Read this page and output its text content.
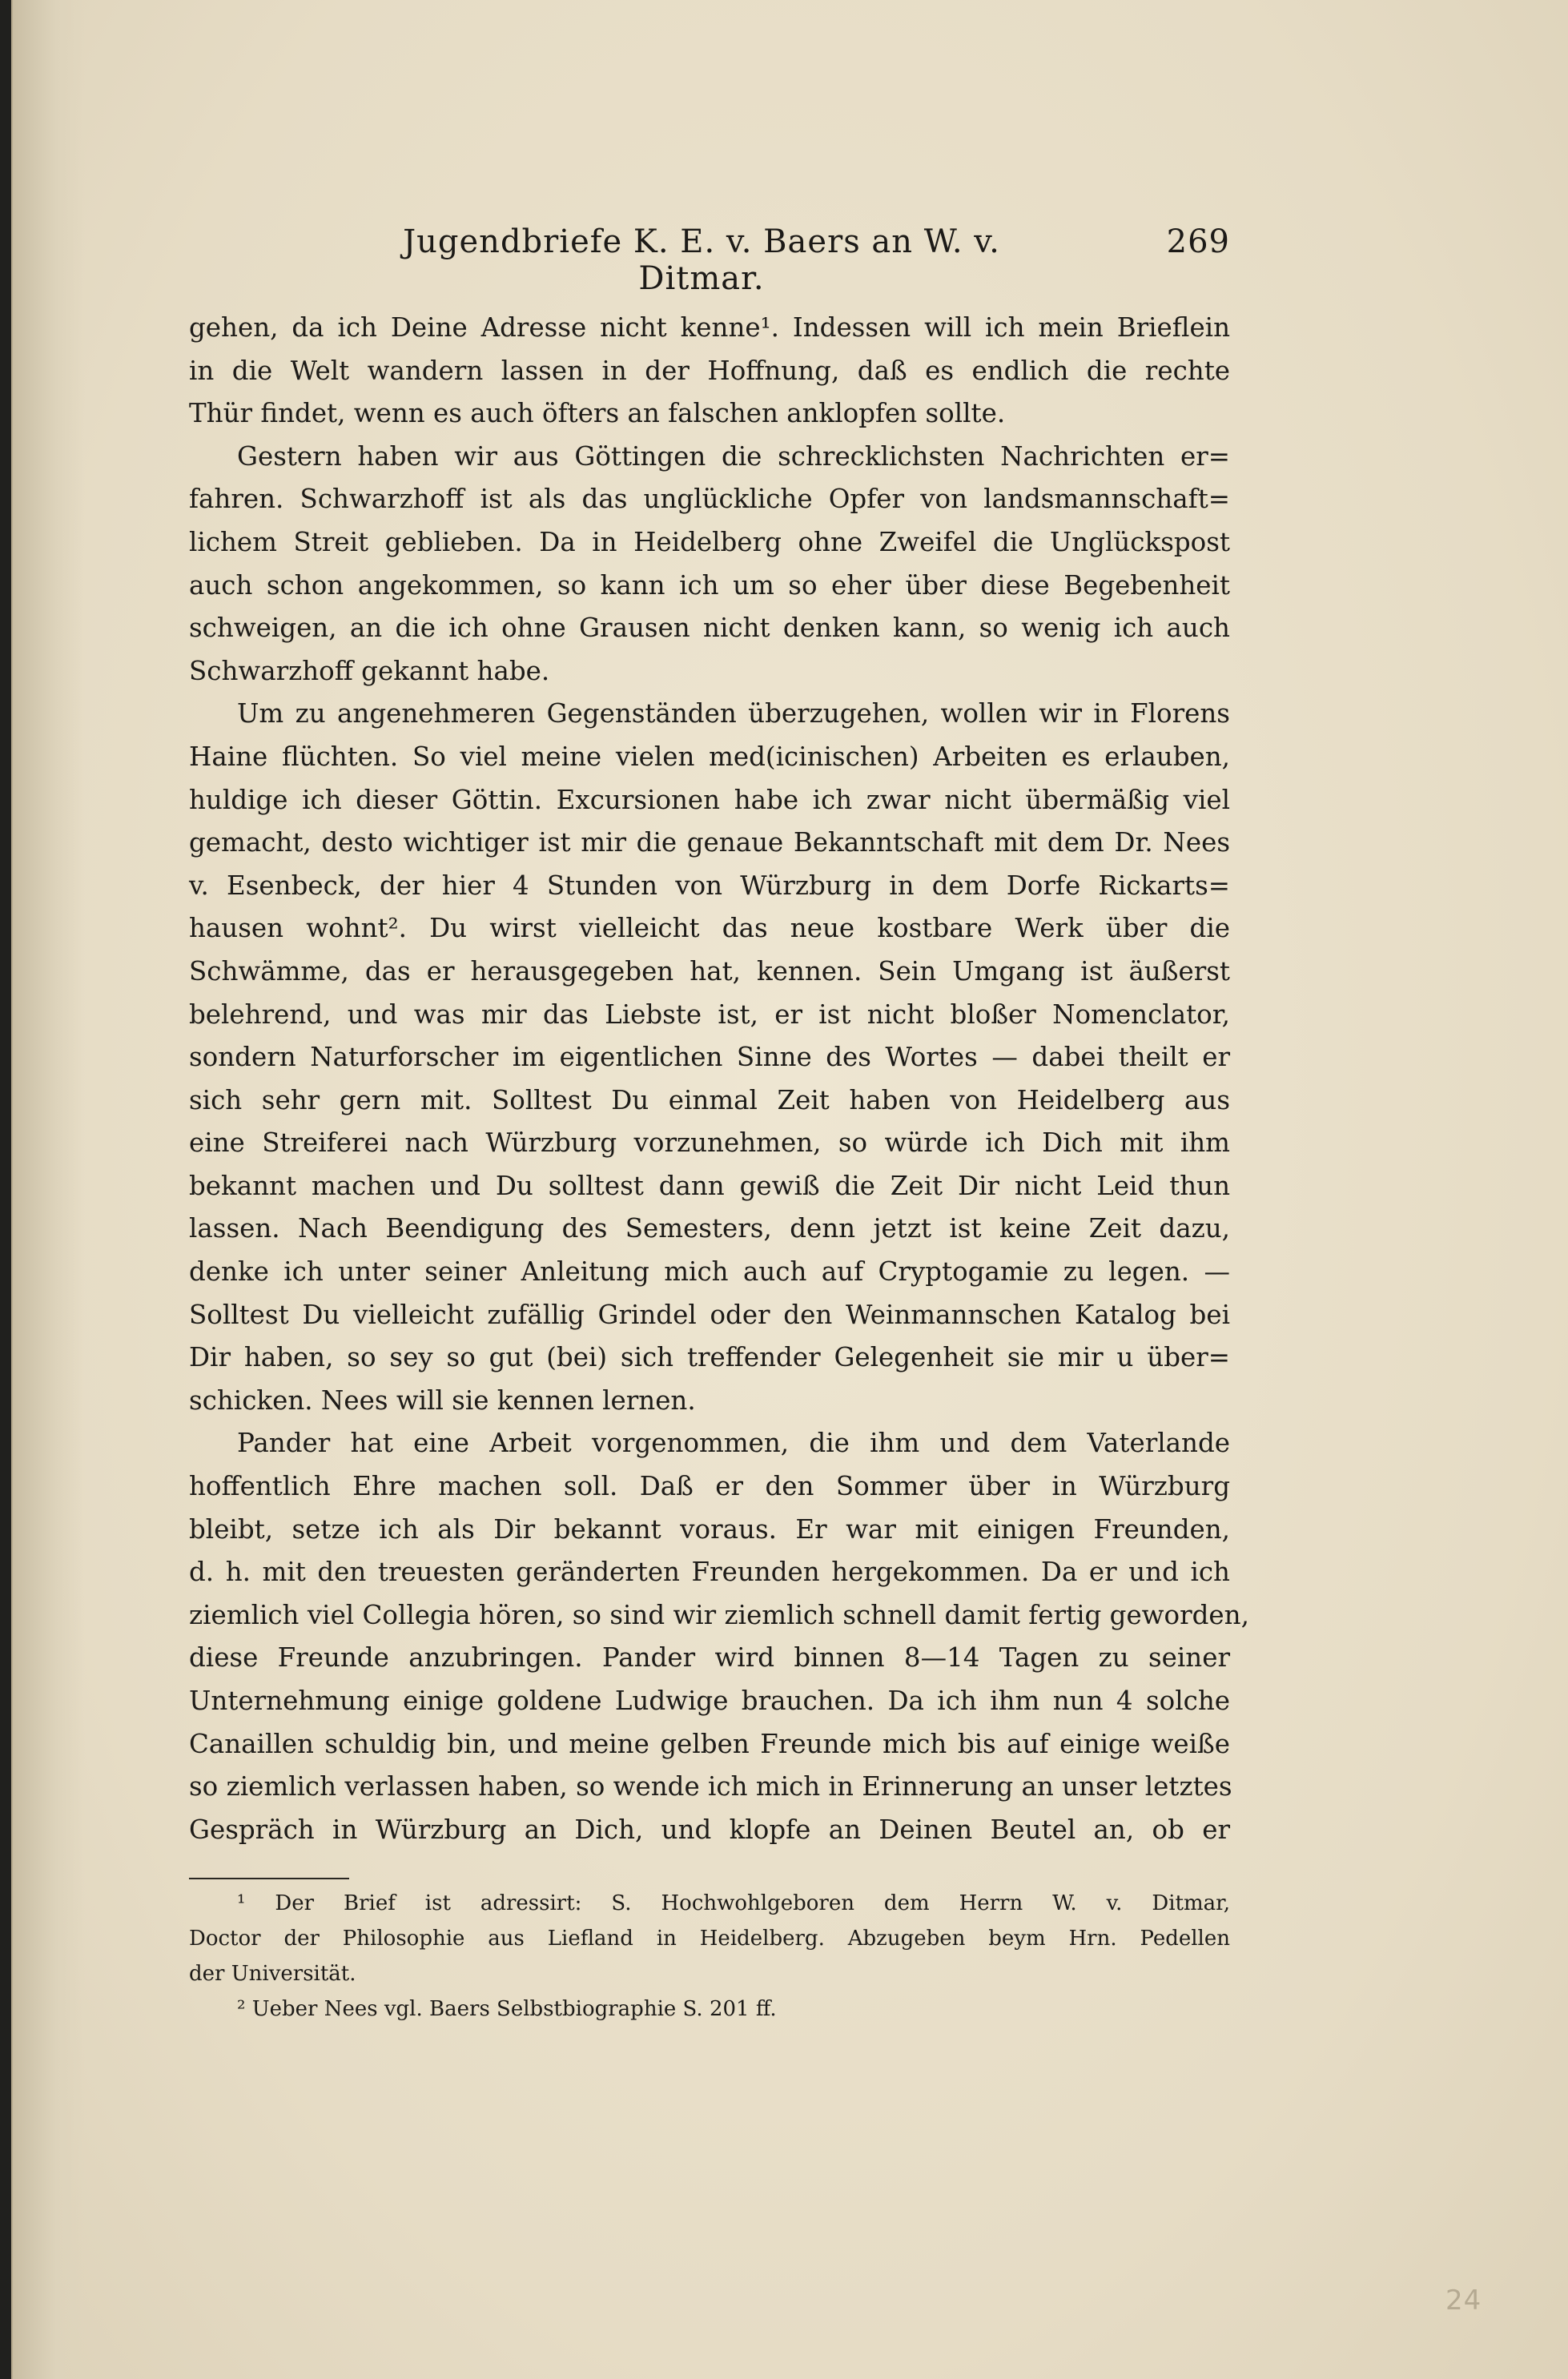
Jugendbriefe K. E. v. Baers an W. v. Ditmar.
269
gehen, da ich Deine Adresse nicht kenne¹. Indessen will ich mein Brieflein
in die Welt wandern lassen in der Hoffnung, daß es endlich die rechte
Thür findet, wenn es auch öfters an falschen anklopfen sollte.
Gestern haben wir aus Göttingen die schrecklichsten Nachrichten er=
fahren. Schwarzhoff ist als das unglückliche Opfer von landsmannschaft=
lichem Streit geblieben. Da in Heidelberg ohne Zweifel die Unglückspost
auch schon angekommen, so kann ich um so eher über diese Begebenheit
schweigen, an die ich ohne Grausen nicht denken kann, so wenig ich auch
Schwarzhoff gekannt habe.
Um zu angenehmeren Gegenständen überzugehen, wollen wir in Florens
Haine flüchten. So viel meine vielen med(icinischen) Arbeiten es erlauben,
huldige ich dieser Göttin. Excursionen habe ich zwar nicht übermäßig viel
gemacht, desto wichtiger ist mir die genaue Bekanntschaft mit dem Dr. Nees
v. Esenbeck, der hier 4 Stunden von Würzburg in dem Dorfe Rickarts=
hausen wohnt². Du wirst vielleicht das neue kostbare Werk über die
Schwämme, das er herausgegeben hat, kennen. Sein Umgang ist äußerst
belehrend, und was mir das Liebste ist, er ist nicht bloßer Nomenclator,
sondern Naturforscher im eigentlichen Sinne des Wortes — dabei theilt er
sich sehr gern mit. Solltest Du einmal Zeit haben von Heidelberg aus
eine Streiferei nach Würzburg vorzunehmen, so würde ich Dich mit ihm
bekannt machen und Du solltest dann gewiß die Zeit Dir nicht Leid thun
lassen. Nach Beendigung des Semesters, denn jetzt ist keine Zeit dazu,
denke ich unter seiner Anleitung mich auch auf Cryptogamie zu legen. —
Solltest Du vielleicht zufällig Grindel oder den Weinmannschen Katalog bei
Dir haben, so sey so gut (bei) sich treffender Gelegenheit sie mir u über=
schicken. Nees will sie kennen lernen.
Pander hat eine Arbeit vorgenommen, die ihm und dem Vaterlande
hoffentlich Ehre machen soll. Daß er den Sommer über in Würzburg
bleibt, setze ich als Dir bekannt voraus. Er war mit einigen Freunden,
d. h. mit den treuesten geränderten Freunden hergekommen. Da er und ich
ziemlich viel Collegia hören, so sind wir ziemlich schnell damit fertig geworden,
diese Freunde anzubringen. Pander wird binnen 8—14 Tagen zu seiner
Unternehmung einige goldene Ludwige brauchen. Da ich ihm nun 4 solche
Canaillen schuldig bin, und meine gelben Freunde mich bis auf einige weiße
so ziemlich verlassen haben, so wende ich mich in Erinnerung an unser letztes
Gespräch in Würzburg an Dich, und klopfe an Deinen Beutel an, ob er
¹ Der Brief ist adressirt: S. Hochwohlgeboren dem Herrn W. v. Ditmar,
Doctor der Philosophie aus Liefland in Heidelberg. Abzugeben beym Hrn. Pedellen
der Universität.
² Ueber Nees vgl. Baers Selbstbiographie S. 201 ff.
24
